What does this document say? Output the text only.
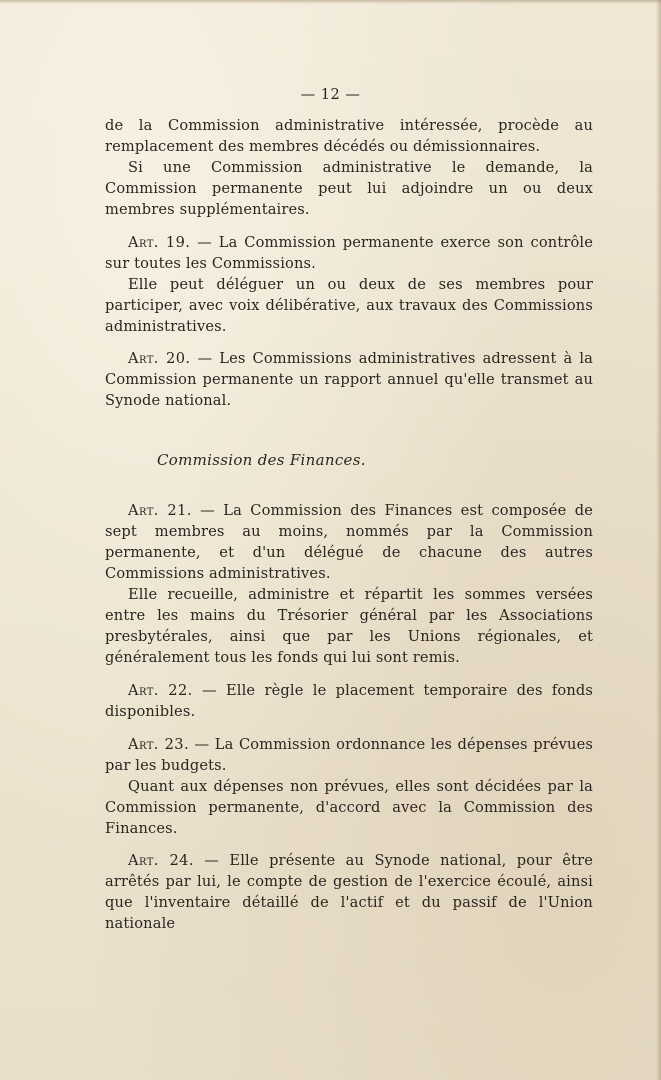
— 12 —

de la Commission administrative intéressée, procède au remplacement des membres décédés ou démissionnaires.

Si une Commission administrative le demande, la Commission permanente peut lui adjoindre un ou deux membres supplémentaires.

Art. 19. — La Commission permanente exerce son contrôle sur toutes les Commissions.

Elle peut déléguer un ou deux de ses membres pour participer, avec voix délibérative, aux travaux des Commissions administratives.

Art. 20. — Les Commissions administratives adressent à la Commission permanente un rapport annuel qu'elle transmet au Synode national.

Commission des Finances.

Art. 21. — La Commission des Finances est composée de sept membres au moins, nommés par la Commission permanente, et d'un délégué de chacune des autres Commissions administratives.

Elle recueille, administre et répartit les sommes versées entre les mains du Trésorier général par les Associations presbytérales, ainsi que par les Unions régionales, et généralement tous les fonds qui lui sont remis.

Art. 22. — Elle règle le placement temporaire des fonds disponibles.

Art. 23. — La Commission ordonnance les dépenses prévues par les budgets.

Quant aux dépenses non prévues, elles sont décidées par la Commission permanente, d'accord avec la Commission des Finances.

Art. 24. — Elle présente au Synode national, pour être arrêtés par lui, le compte de gestion de l'exercice écoulé, ainsi que l'inventaire détaillé de l'actif et du passif de l'Union nationale
